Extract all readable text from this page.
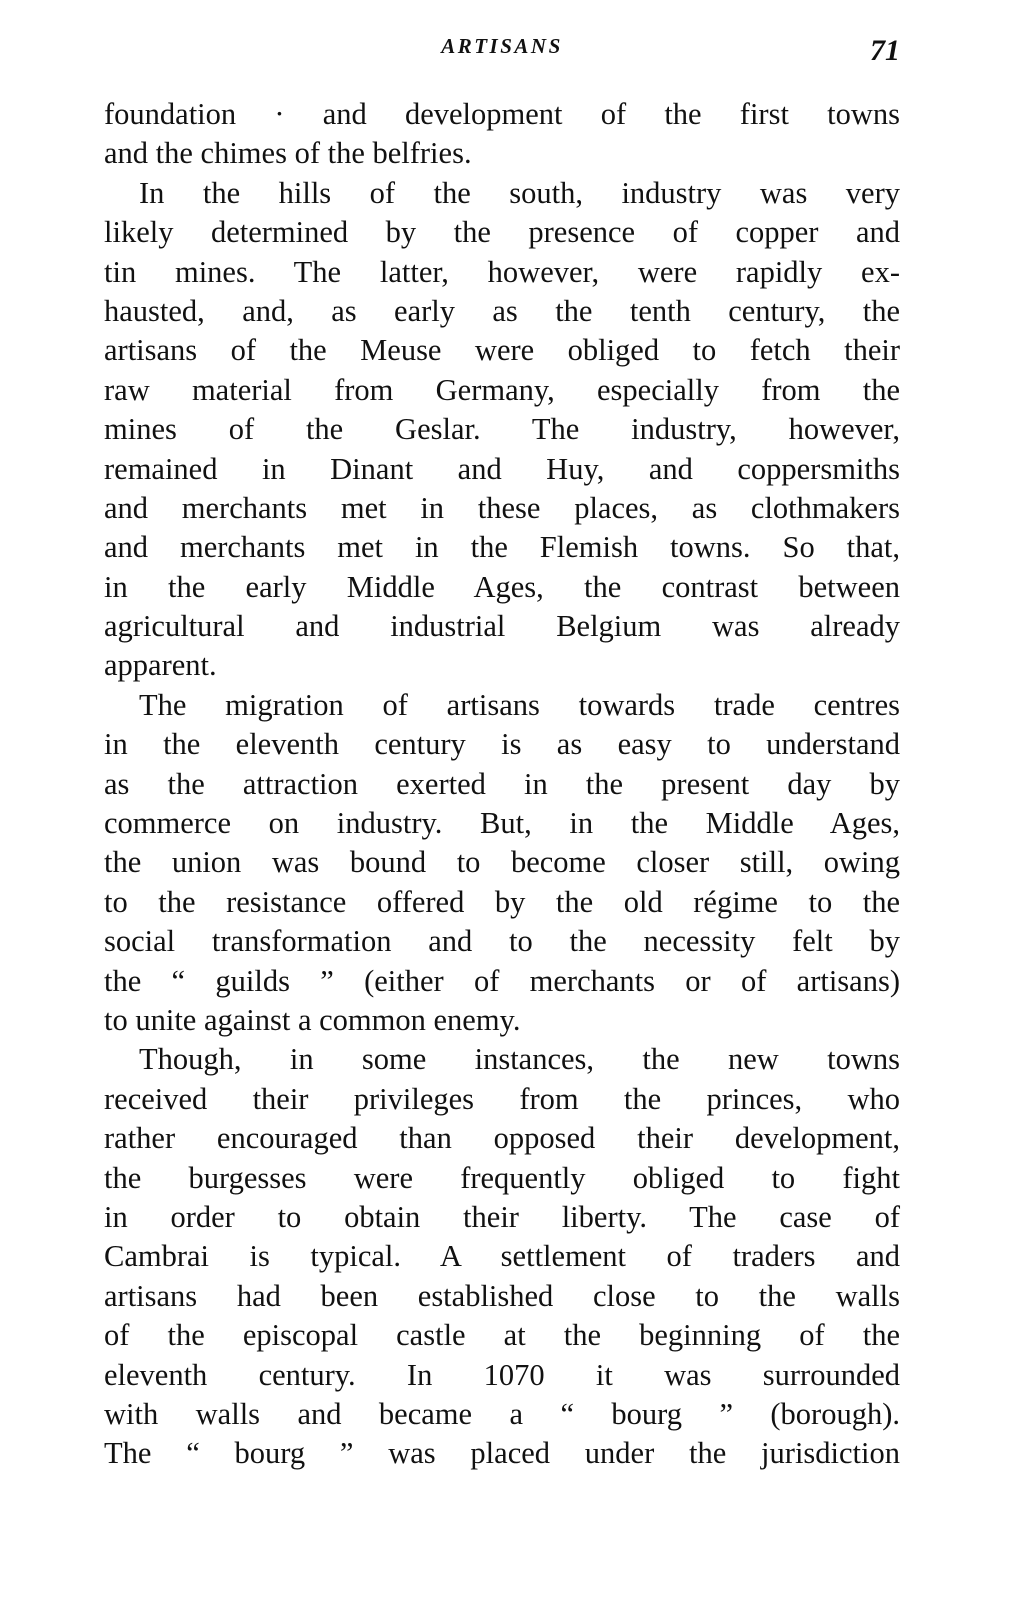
ARTISANS	71
foundation · and development of the first towns
and the chimes of the belfries.
In the hills of the south, industry was very
likely determined by the presence of copper and
tin mines. The latter, however, were rapidly ex-
hausted, and, as early as the tenth century, the
artisans of the Meuse were obliged to fetch their
raw material from Germany, especially from the
mines of the Geslar. The industry, however,
remained in Dinant and Huy, and coppersmiths
and merchants met in these places, as clothmakers
and merchants met in the Flemish towns. So that,
in the early Middle Ages, the contrast between
agricultural and industrial Belgium was already
apparent.
The migration of artisans towards trade centres
in the eleventh century is as easy to understand
as the attraction exerted in the present day by
commerce on industry. But, in the Middle Ages,
the union was bound to become closer still, owing
to the resistance offered by the old régime to the
social transformation and to the necessity felt by
the “ guilds ” (either of merchants or of artisans)
to unite against a common enemy.
Though, in some instances, the new towns
received their privileges from the princes, who
rather encouraged than opposed their development,
the burgesses were frequently obliged to fight
in order to obtain their liberty. The case of
Cambrai is typical. A settlement of traders and
artisans had been established close to the walls
of the episcopal castle at the beginning of the
eleventh century. In 1070 it was surrounded
with walls and became a “ bourg ” (borough).
The “ bourg ” was placed under the jurisdiction
